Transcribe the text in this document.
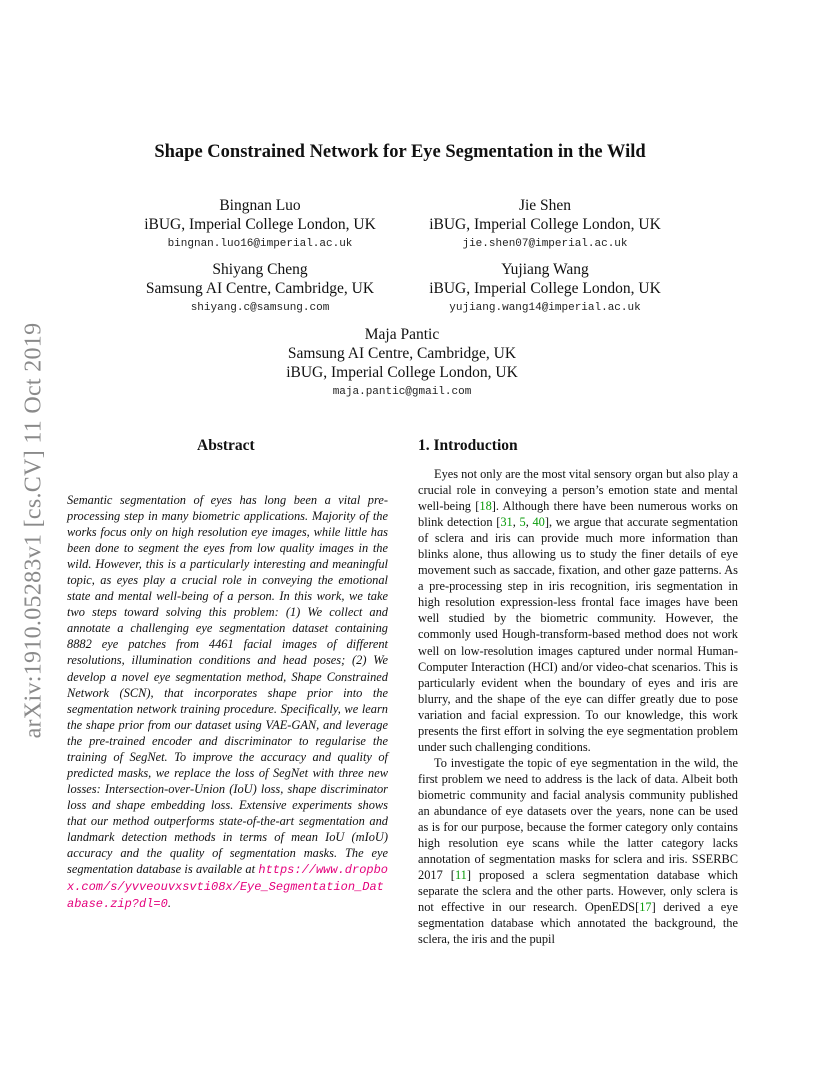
arXiv:1910.05283v1 [cs.CV] 11 Oct 2019
Shape Constrained Network for Eye Segmentation in the Wild
Bingnan Luo
iBUG, Imperial College London, UK
bingnan.luo16@imperial.ac.uk
Jie Shen
iBUG, Imperial College London, UK
jie.shen07@imperial.ac.uk
Shiyang Cheng
Samsung AI Centre, Cambridge, UK
shiyang.c@samsung.com
Yujiang Wang
iBUG, Imperial College London, UK
yujiang.wang14@imperial.ac.uk
Maja Pantic
Samsung AI Centre, Cambridge, UK
iBUG, Imperial College London, UK
maja.pantic@gmail.com
Abstract
Semantic segmentation of eyes has long been a vital pre-processing step in many biometric applications. Majority of the works focus only on high resolution eye images, while little has been done to segment the eyes from low quality images in the wild. However, this is a particularly interesting and meaningful topic, as eyes play a crucial role in conveying the emotional state and mental well-being of a person. In this work, we take two steps toward solving this problem: (1) We collect and annotate a challenging eye segmentation dataset containing 8882 eye patches from 4461 facial images of different resolutions, illumination conditions and head poses; (2) We develop a novel eye segmentation method, Shape Constrained Network (SCN), that incorporates shape prior into the segmentation network training procedure. Specifically, we learn the shape prior from our dataset using VAE-GAN, and leverage the pre-trained encoder and discriminator to regularise the training of SegNet. To improve the accuracy and quality of predicted masks, we replace the loss of SegNet with three new losses: Intersection-over-Union (IoU) loss, shape discriminator loss and shape embedding loss. Extensive experiments shows that our method outperforms state-of-the-art segmentation and landmark detection methods in terms of mean IoU (mIoU) accuracy and the quality of segmentation masks. The eye segmentation database is available at https://www.dropbox.com/s/yvveouvxsvti08x/Eye_Segmentation_Database.zip?dl=0.
1. Introduction

Eyes not only are the most vital sensory organ but also play a crucial role in conveying a person’s emotion state and mental well-being [18]. Although there have been numerous works on blink detection [31, 5, 40], we argue that accurate segmentation of sclera and iris can provide much more information than blinks alone, thus allowing us to study the finer details of eye movement such as saccade, fixation, and other gaze patterns. As a pre-processing step in iris recognition, iris segmentation in high resolution expression-less frontal face images have been well studied by the biometric community. However, the commonly used Hough-transform-based method does not work well on low-resolution images captured under normal Human-Computer Interaction (HCI) and/or video-chat scenarios. This is particularly evident when the boundary of eyes and iris are blurry, and the shape of the eye can differ greatly due to pose variation and facial expression. To our knowledge, this work presents the first effort in solving the eye segmentation problem under such challenging conditions.

To investigate the topic of eye segmentation in the wild, the first problem we need to address is the lack of data. Albeit both biometric community and facial analysis community published an abundance of eye datasets over the years, none can be used as is for our purpose, because the former category only contains high resolution eye scans while the latter category lacks annotation of segmentation masks for sclera and iris. SSERBC 2017 [11] proposed a sclera segmentation database which separate the sclera and the other parts. However, only sclera is not effective in our research. OpenEDS[17] derived a eye segmentation database which annotated the background, the sclera, the iris and the pupil
